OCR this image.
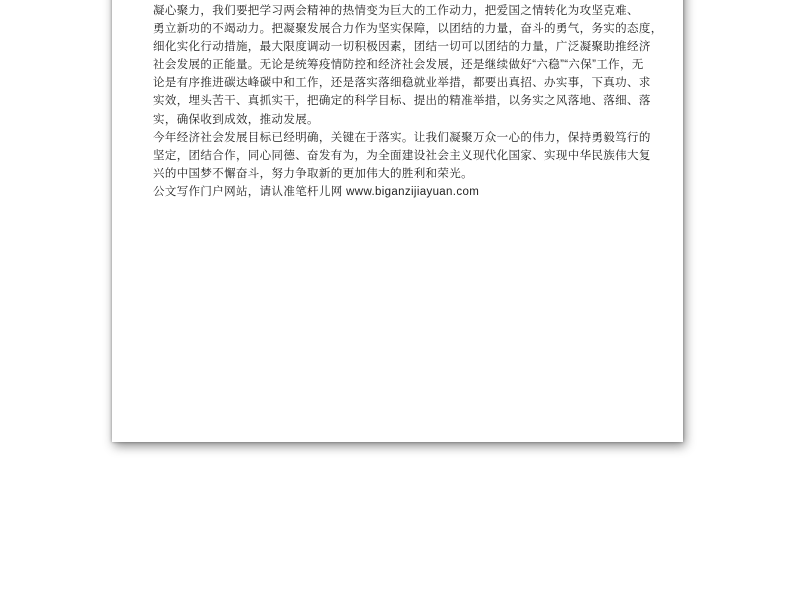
凝心聚力，我们要把学习两会精神的热情变为巨大的工作动力，把爱国之情转化为攻坚克难、
勇立新功的不竭动力。把凝聚发展合力作为坚实保障，以团结的力量，奋斗的勇气，务实的态度，
细化实化行动措施，最大限度调动一切积极因素，团结一切可以团结的力量，广泛凝聚助推经济
社会发展的正能量。无论是统筹疫情防控和经济社会发展，还是继续做好“六稳”“六保”工作，无
论是有序推进碳达峰碳中和工作，还是落实落细稳就业举措，都要出真招、办实事，下真功、求
实效，埋头苦干、真抓实干，把确定的科学目标、提出的精准举措，以务实之风落地、落细、落
实，确保收到成效，推动发展。
今年经济社会发展目标已经明确，关键在于落实。让我们凝聚万众一心的伟力，保持勇毅笃行的
坚定，团结合作，同心同德、奋发有为，为全面建设社会主义现代化国家、实现中华民族伟大复
兴的中国梦不懈奋斗，努力争取新的更加伟大的胜利和荣光。
公文写作门户网站，请认准笔杆儿网 www.biganzijiayuan.com
